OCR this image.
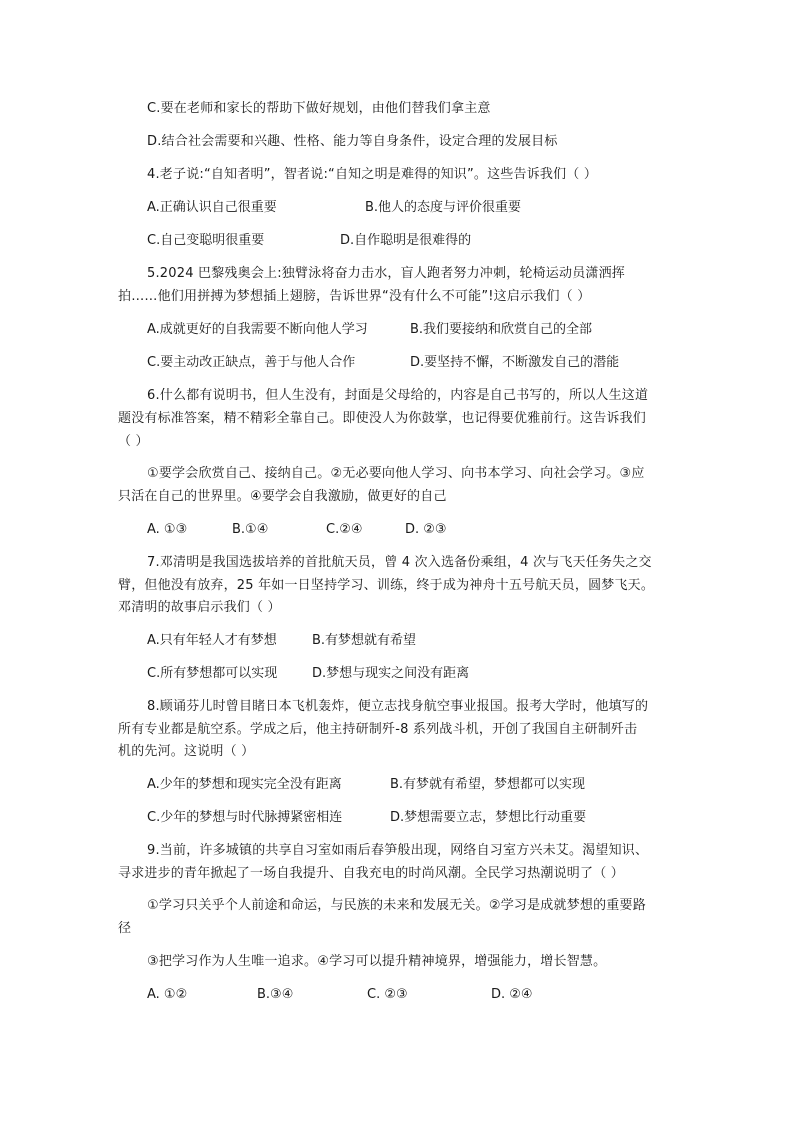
C.要在老师和家长的帮助下做好规划，由他们替我们拿主意
D.结合社会需要和兴趣、性格、能力等自身条件，设定合理的发展目标
4.老子说:“自知者明”，智者说:“自知之明是难得的知识”。这些告诉我们（ ）
A.正确认识自己很重要	B.他人的态度与评价很重要
C.自己变聪明很重要	D.自作聪明是很难得的
5.2024 巴黎残奥会上:独臂泳将奋力击水，盲人跑者努力冲刺，轮椅运动员潇洒挥
拍……他们用拼搏为梦想插上翅膀，告诉世界“没有什么不可能”!这启示我们（ ）
A.成就更好的自我需要不断向他人学习	B.我们要接纳和欣赏自己的全部
C.要主动改正缺点，善于与他人合作	D.要坚持不懈，不断激发自己的潜能
6.什么都有说明书，但人生没有，封面是父母给的，内容是自己书写的，所以人生这道
题没有标准答案，精不精彩全靠自己。即使没人为你鼓掌，也记得要优雅前行。这告诉我们
（ ）
①要学会欣赏自己、接纳自己。②无必要向他人学习、向书本学习、向社会学习。③应
只活在自己的世界里。④要学会自我激励，做更好的自己
A. ①③	B.①④	C.②④	D. ②③
7.邓清明是我国选拔培养的首批航天员，曾 4 次入选备份乘组，4 次与飞天任务失之交
臂，但他没有放弃，25 年如一日坚持学习、训练，终于成为神舟十五号航天员，圆梦飞天。
邓清明的故事启示我们（ ）
A.只有年轻人才有梦想	B.有梦想就有希望
C.所有梦想都可以实现	D.梦想与现实之间没有距离
8.顾诵芬儿时曾目睹日本飞机轰炸，便立志找身航空事业报国。报考大学时，他填写的
所有专业都是航空系。学成之后，他主持研制歼-8 系列战斗机，开创了我国自主研制歼击
机的先河。这说明（ ）
A.少年的梦想和现实完全没有距离	B.有梦就有希望，梦想都可以实现
C.少年的梦想与时代脉搏紧密相连	D.梦想需要立志，梦想比行动重要
9.当前，许多城镇的共享自习室如雨后春笋般出现，网络自习室方兴未艾。渴望知识、
寻求进步的青年掀起了一场自我提升、自我充电的时尚风潮。全民学习热潮说明了（ ）
①学习只关乎个人前途和命运，与民族的未来和发展无关。②学习是成就梦想的重要路
径
③把学习作为人生唯一追求。④学习可以提升精神境界，增强能力，增长智慧。
A. ①②	B.③④	C. ②③	D. ②④
